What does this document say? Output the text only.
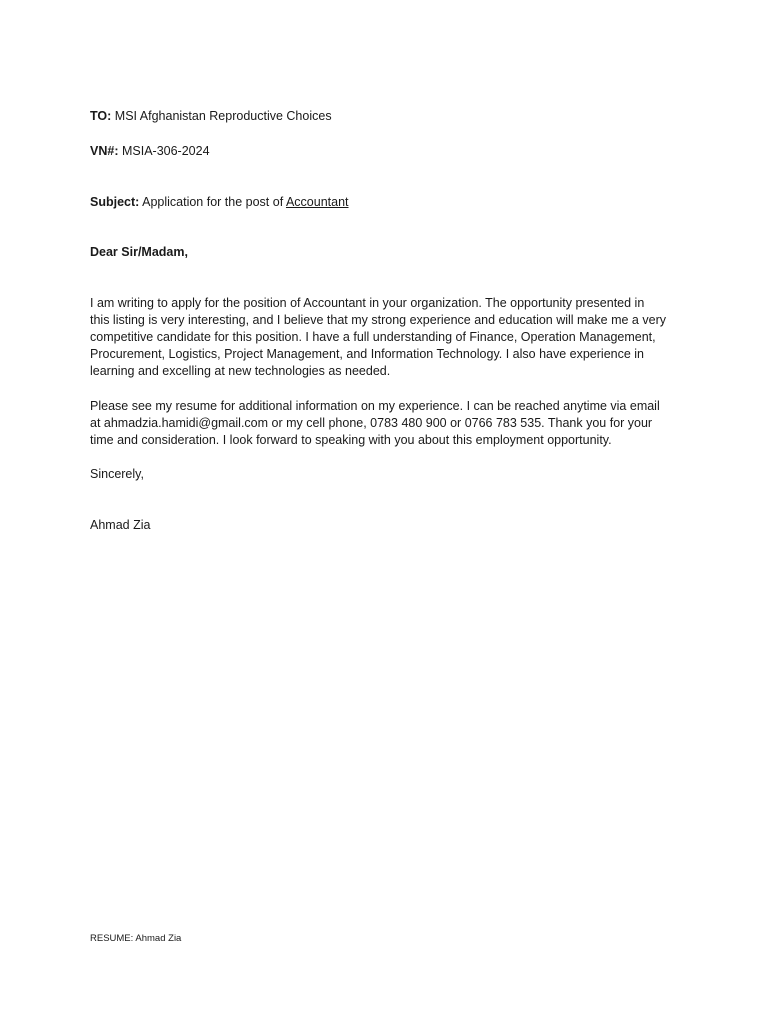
TO: MSI Afghanistan Reproductive Choices

VN#: MSIA-306-2024

Subject: Application for the post of Accountant

Dear Sir/Madam,

I am writing to apply for the position of Accountant in your organization. The opportunity presented in
this listing is very interesting, and I believe that my strong experience and education will make me a very
competitive candidate for this position. I have a full understanding of Finance, Operation Management,
Procurement, Logistics, Project Management, and Information Technology. I also have experience in
learning and excelling at new technologies as needed.
Please see my resume for additional information on my experience. I can be reached anytime via email
at ahmadzia.hamidi@gmail.com or my cell phone, 0783 480 900 or 0766 783 535. Thank you for your
time and consideration. I look forward to speaking with you about this employment opportunity.

Sincerely,

Ahmad Zia

RESUME: Ahmad Zia
